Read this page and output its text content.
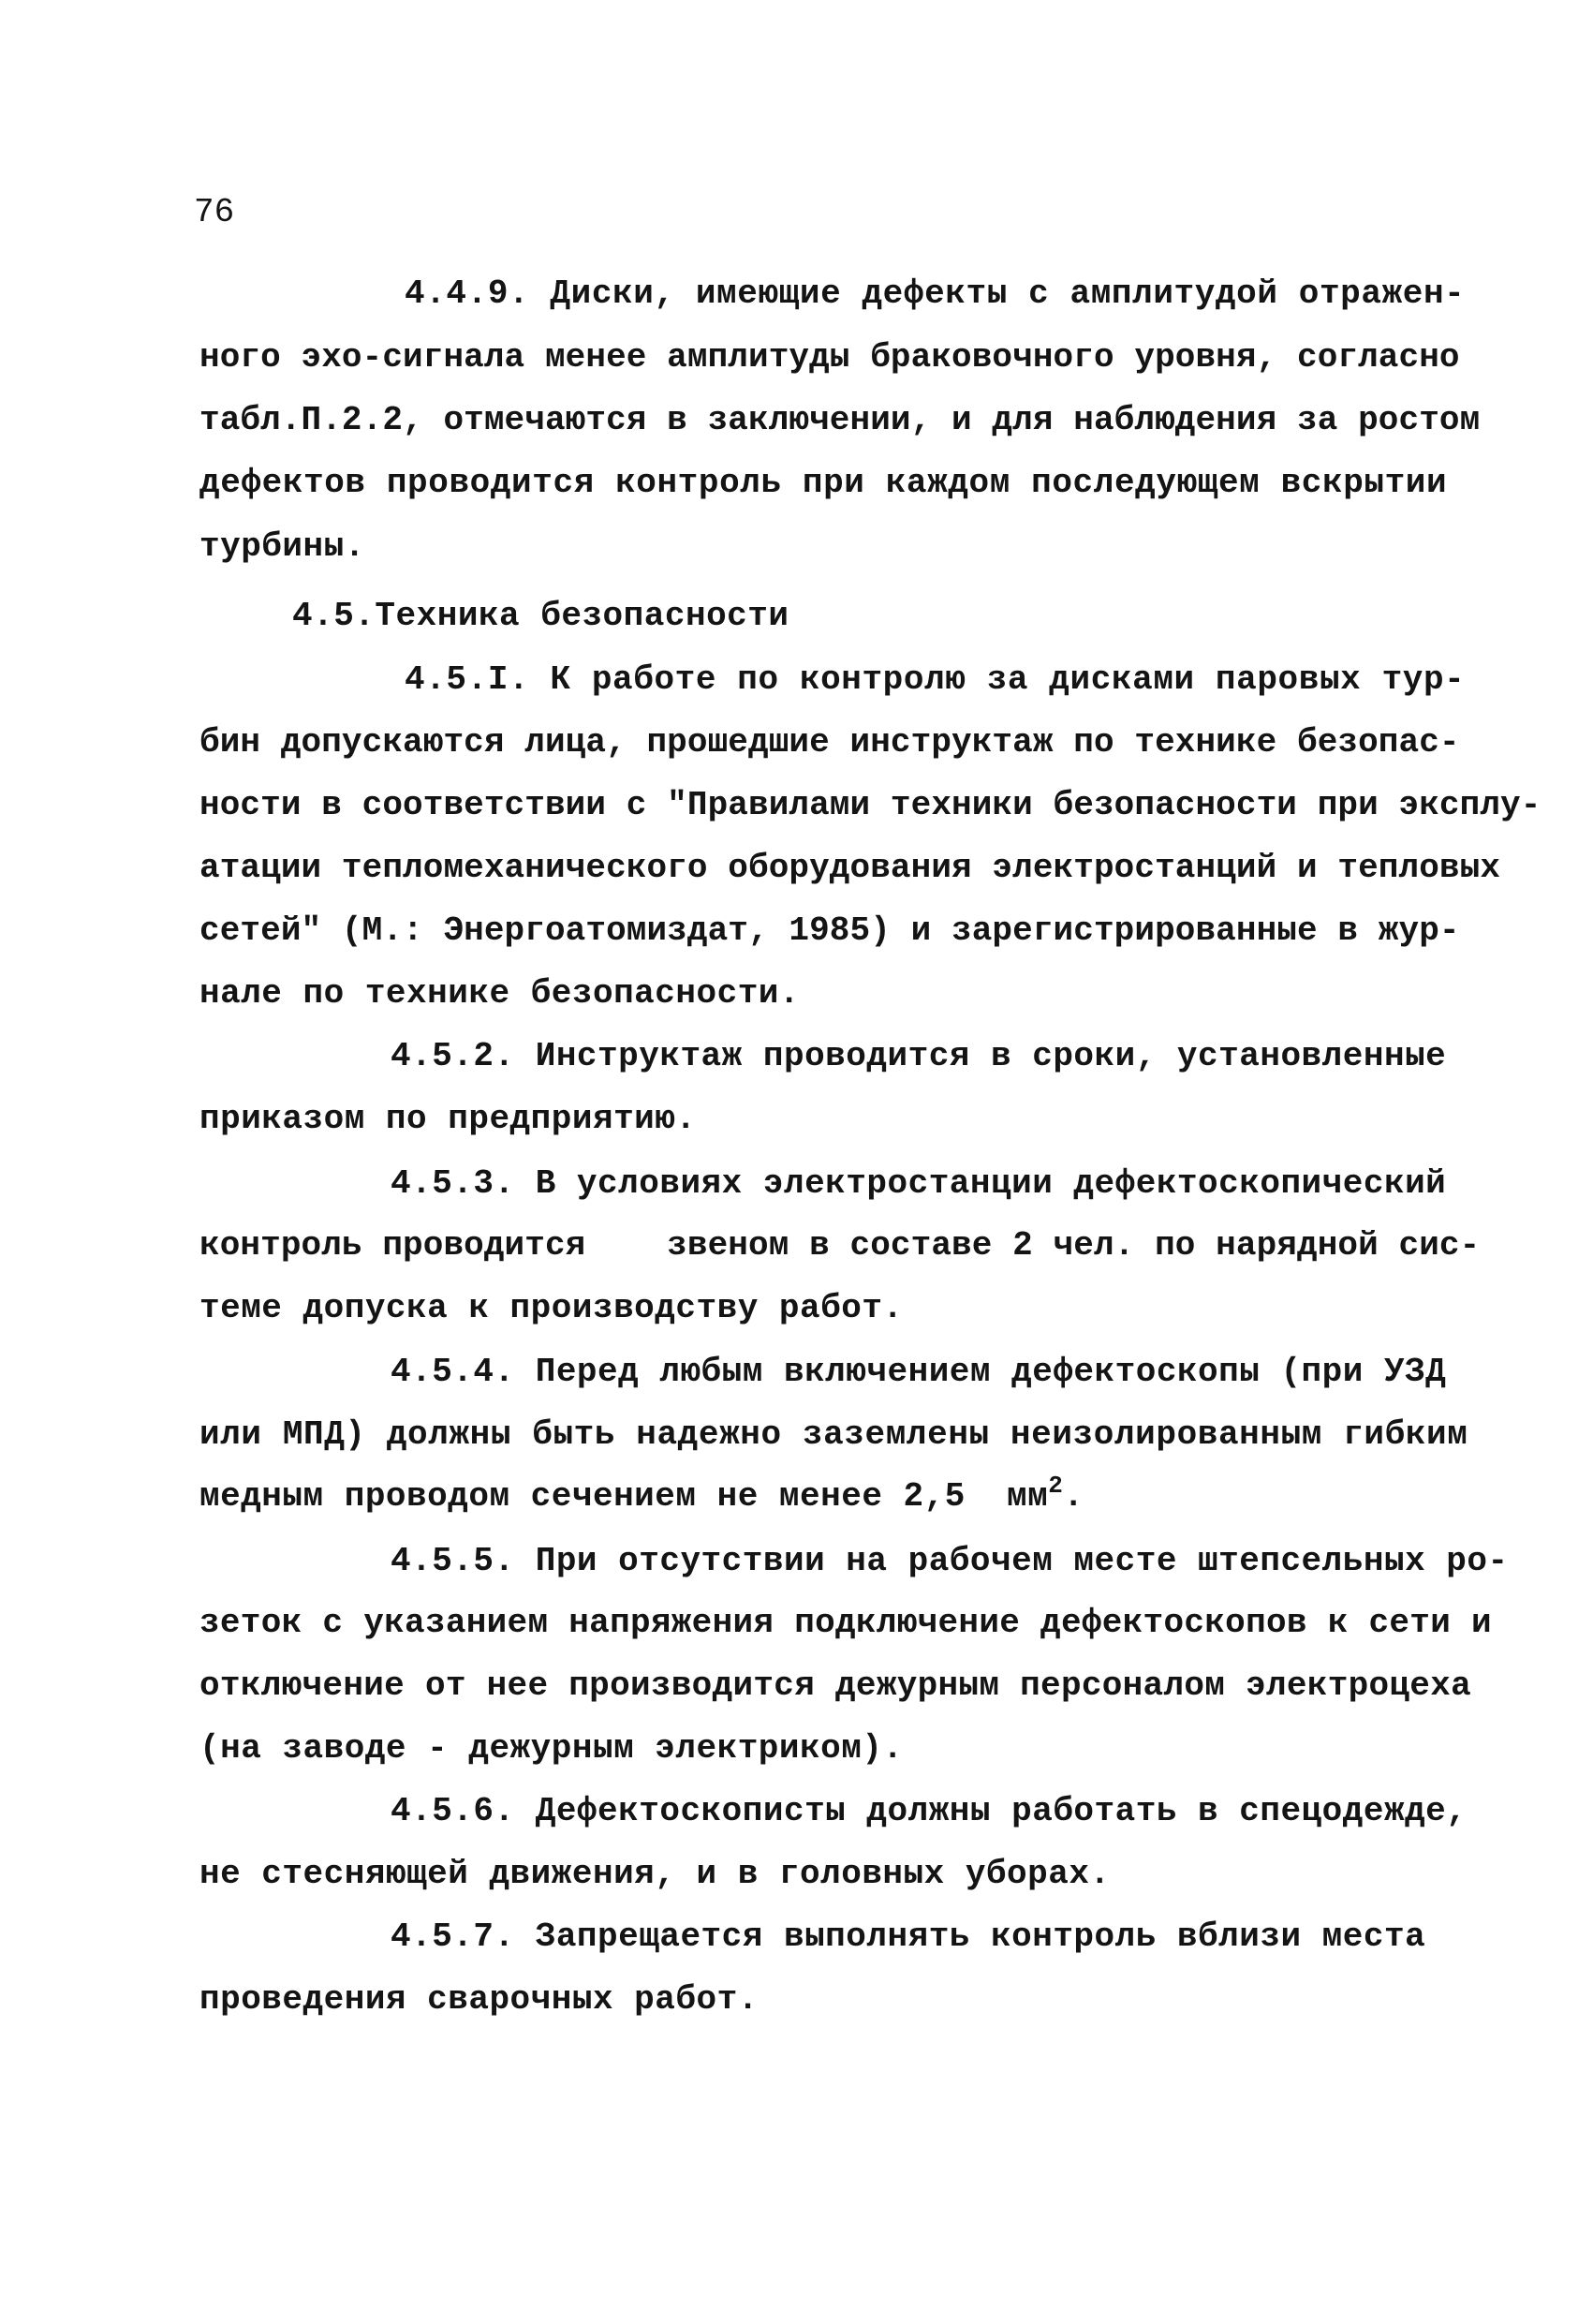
76
4.4.9. Диски, имеющие дефекты с амплитудой отражен-
ного эхо-сигнала менее амплитуды браковочного уровня, согласно
табл.П.2.2, отмечаются в заключении, и для наблюдения за ростом
дефектов проводится контроль при каждом последующем вскрытии
турбины.
4.5.Техника безопасности
4.5.I. К работе по контролю за дисками паровых тур-
бин допускаются лица, прошедшие инструктаж по технике безопас-
ности в соответствии с "Правилами техники безопасности при эксплу-
атации тепломеханического оборудования электростанций и тепловых
сетей" (М.: Энергоатомиздат, 1985) и зарегистрированные в жур-
нале по технике безопасности.
4.5.2. Инструктаж проводится в сроки, установленные
приказом по предприятию.
4.5.3. В условиях электростанции дефектоскопический
контроль проводится    звеном в составе 2 чел. по нарядной сис-
теме допуска к производству работ.
4.5.4. Перед любым включением дефектоскопы (при УЗД
или МПД) должны быть надежно заземлены неизолированным гибким
медным проводом сечением не менее 2,5  $мм^2$.
4.5.5. При отсутствии на рабочем месте штепсельных ро-
зеток с указанием напряжения подключение дефектоскопов к сети и
отключение от нее производится дежурным персоналом электроцеха
(на заводе - дежурным электриком).
4.5.6. Дефектоскописты должны работать в спецодежде,
не стесняющей движения, и в головных уборах.
4.5.7. Запрещается выполнять контроль вблизи места
проведения сварочных работ.
